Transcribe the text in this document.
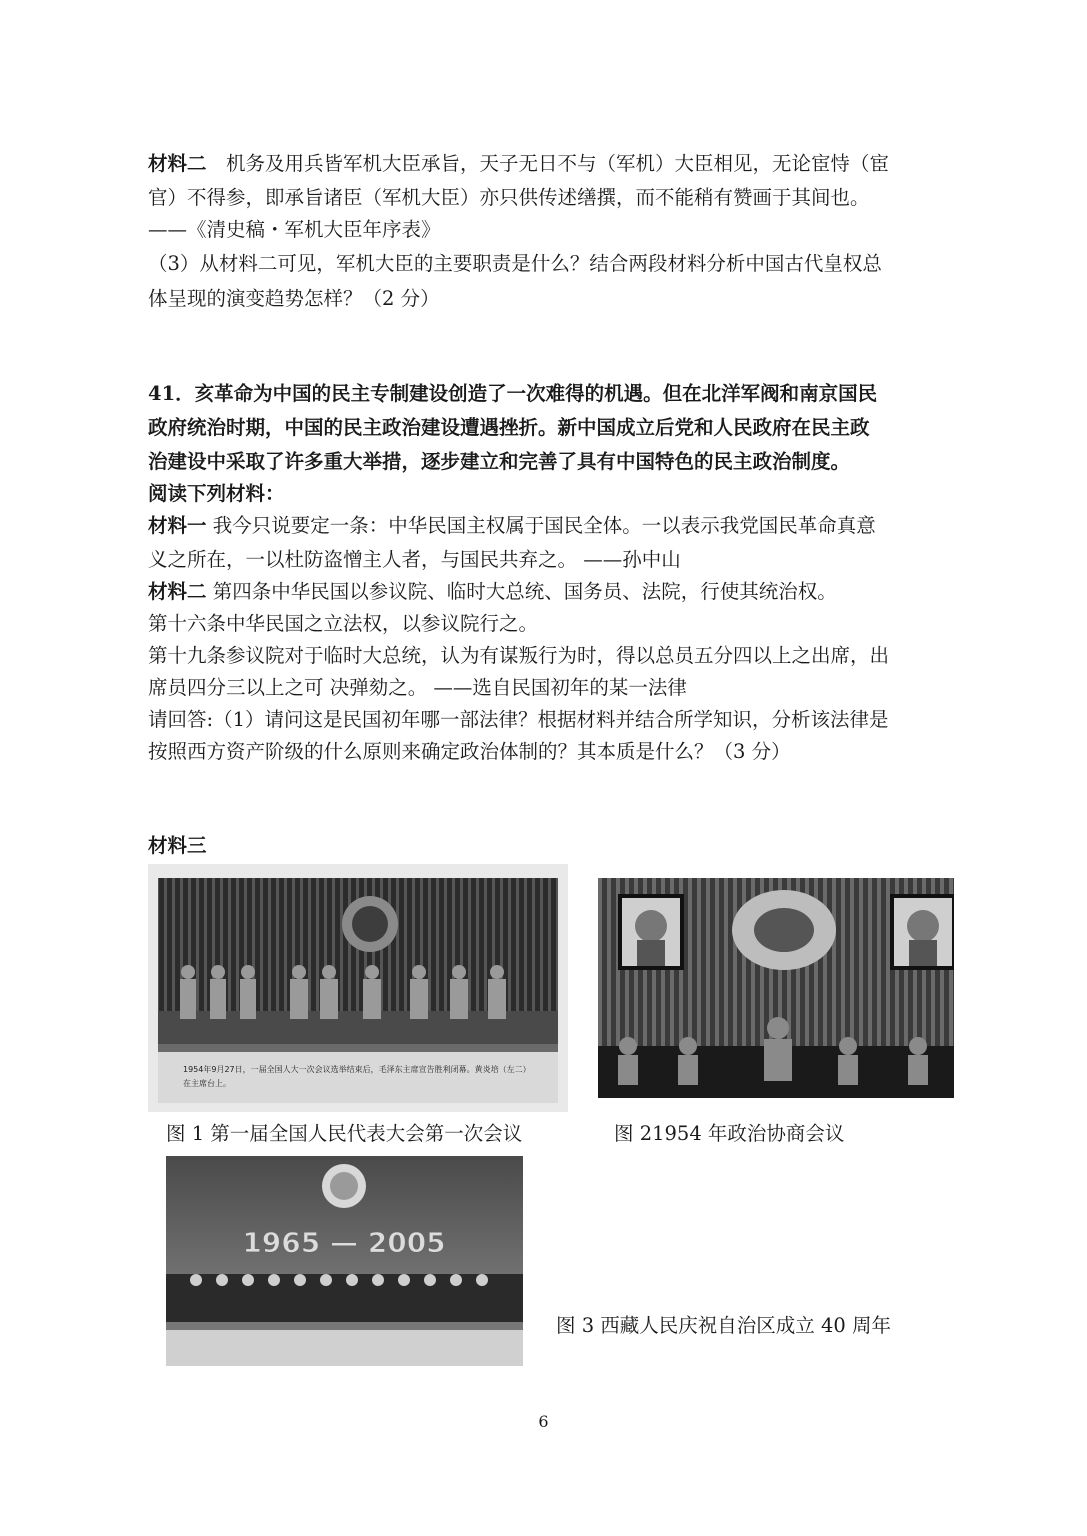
材料二　机务及用兵皆军机大臣承旨，天子无日不与（军机）大臣相见，无论宦恃（宦
官）不得参，即承旨诸臣（军机大臣）亦只供传述缮撰，而不能稍有赞画于其间也。
——《清史稿・军机大臣年序表》
（3）从材料二可见，军机大臣的主要职责是什么？结合两段材料分析中国古代皇权总
体呈现的演变趋势怎样？（2 分）
41．亥革命为中国的民主专制建设创造了一次难得的机遇。但在北洋军阀和南京国民
政府统治时期，中国的民主政治建设遭遇挫折。新中国成立后党和人民政府在民主政
治建设中采取了许多重大举措，逐步建立和完善了具有中国特色的民主政治制度。
阅读下列材料：
材料一 我今只说要定一条：中华民国主权属于国民全体。一以表示我党国民革命真意
义之所在，一以杜防盗憎主人者，与国民共弃之。 ——孙中山
材料二 第四条中华民国以参议院、临时大总统、国务员、法院，行使其统治权。
第十六条中华民国之立法权，以参议院行之。
第十九条参议院对于临时大总统，认为有谋叛行为时，得以总员五分四以上之出席，出
席员四分三以上之可 决弹劾之。 ——选自民国初年的某一法律
请回答:（1）请问这是民国初年哪一部法律？根据材料并结合所学知识，分析该法律是
按照西方资产阶级的什么原则来确定政治体制的？其本质是什么？（3 分）
材料三
1954年9月27日，一届全国人大一次会议选举结束后，毛泽东主席宣告胜利闭幕。黄炎培（左二）
在主席台上。
图 1 第一届全国人民代表大会第一次会议	图 21954 年政治协商会议
1965 — 2005
图 3 西藏人民庆祝自治区成立 40 周年
6
